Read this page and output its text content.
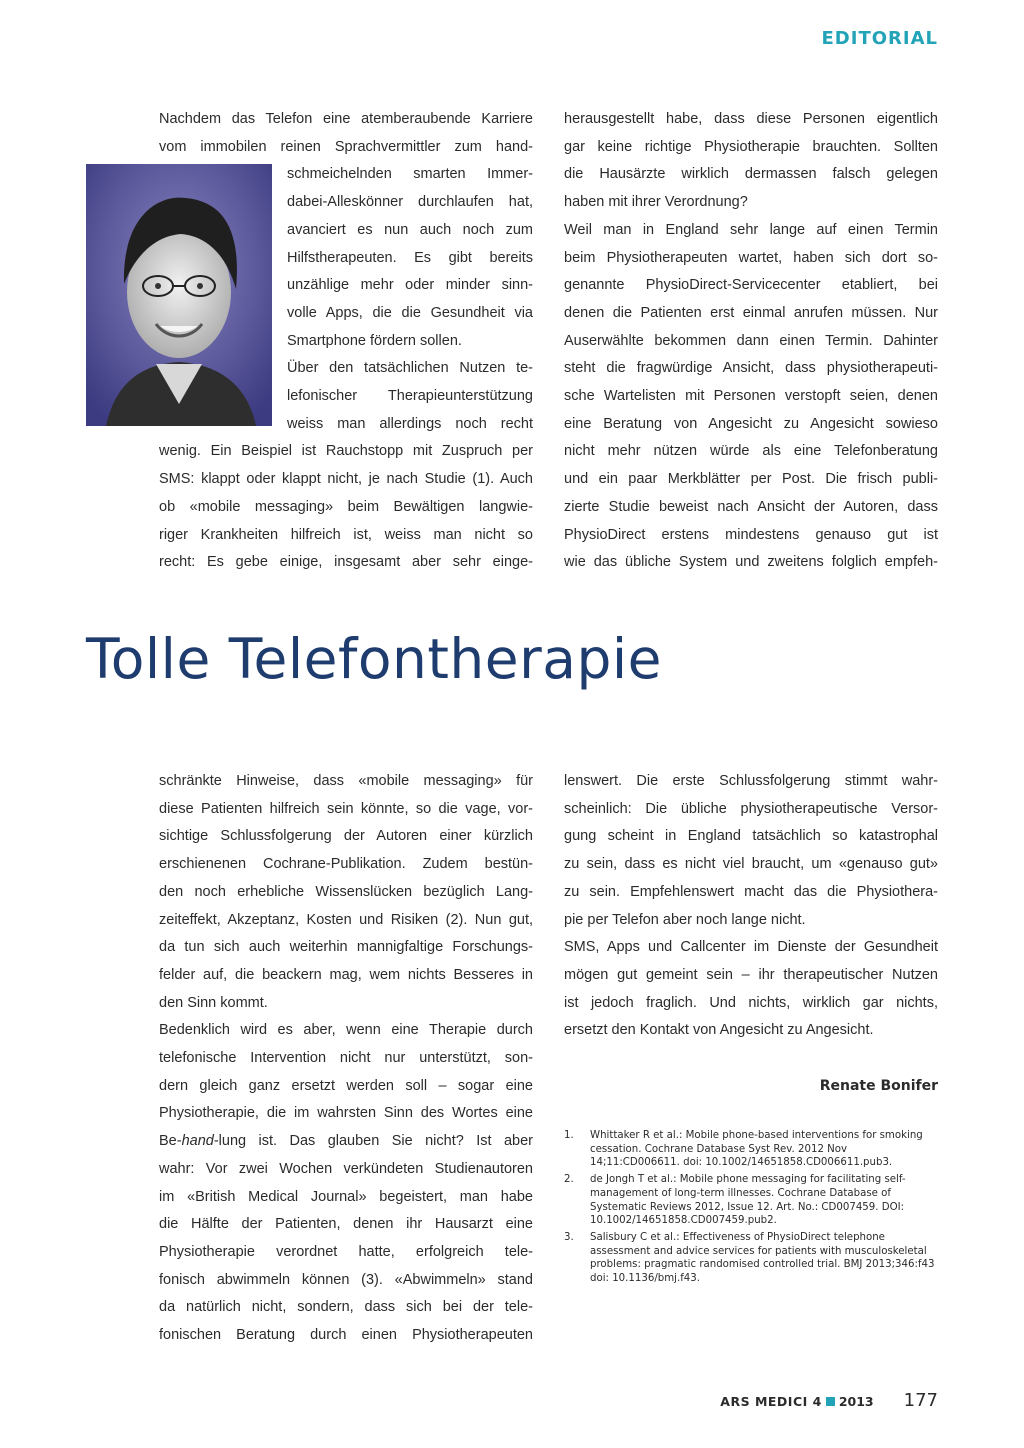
EDITORIAL
Nachdem das Telefon eine atemberaubende Karriere
vom immobilen reinen Sprachvermittler zum hand-
schmeichelnden smarten Immer-
dabei-Alleskönner durchlaufen hat,
avanciert es nun auch noch zum
Hilfstherapeuten. Es gibt bereits
unzählige mehr oder minder sinn-
volle Apps, die die Gesundheit via
Smartphone fördern sollen.
Über den tatsächlichen Nutzen te-
lefonischer Therapieunterstützung
weiss man allerdings noch recht
wenig. Ein Beispiel ist Rauchstopp mit Zuspruch per
SMS: klappt oder klappt nicht, je nach Studie (1). Auch
ob «mobile messaging» beim Bewältigen langwie-
riger Krankheiten hilfreich ist, weiss man nicht so
recht: Es gebe einige, insgesamt aber sehr einge-
herausgestellt habe, dass diese Personen eigentlich
gar keine richtige Physiotherapie brauchten. Sollten
die Hausärzte wirklich dermassen falsch gelegen
haben mit ihrer Verordnung?
Weil man in England sehr lange auf einen Termin
beim Physiotherapeuten wartet, haben sich dort so-
genannte PhysioDirect-Servicecenter etabliert, bei
denen die Patienten erst einmal anrufen müssen. Nur
Auserwählte bekommen dann einen Termin. Dahinter
steht die fragwürdige Ansicht, dass physiotherapeuti-
sche Wartelisten mit Personen verstopft seien, denen
eine Beratung von Angesicht zu Angesicht sowieso
nicht mehr nützen würde als eine Telefonberatung
und ein paar Merkblätter per Post. Die frisch publi-
zierte Studie beweist nach Ansicht der Autoren, dass
PhysioDirect erstens mindestens genauso gut ist
wie das übliche System und zweitens folglich empfeh-
Tolle Telefontherapie
schränkte Hinweise, dass «mobile messaging» für
diese Patienten hilfreich sein könnte, so die vage, vor-
sichtige Schlussfolgerung der Autoren einer kürzlich
erschienenen Cochrane-Publikation. Zudem bestün-
den noch erhebliche Wissenslücken bezüglich Lang-
zeiteffekt, Akzeptanz, Kosten und Risiken (2). Nun gut,
da tun sich auch weiterhin mannigfaltige Forschungs-
felder auf, die beackern mag, wem nichts Besseres in
den Sinn kommt.
Bedenklich wird es aber, wenn eine Therapie durch
telefonische Intervention nicht nur unterstützt, son-
dern gleich ganz ersetzt werden soll – sogar eine
Physiotherapie, die im wahrsten Sinn des Wortes eine
Be-hand-lung ist. Das glauben Sie nicht? Ist aber
wahr: Vor zwei Wochen verkündeten Studienautoren
im «British Medical Journal» begeistert, man habe
die Hälfte der Patienten, denen ihr Hausarzt eine
Physiotherapie verordnet hatte, erfolgreich tele-
fonisch abwimmeln können (3). «Abwimmeln» stand
da natürlich nicht, sondern, dass sich bei der tele-
fonischen Beratung durch einen Physiotherapeuten
lenswert. Die erste Schlussfolgerung stimmt wahr-
scheinlich: Die übliche physiotherapeutische Versor-
gung scheint in England tatsächlich so katastrophal
zu sein, dass es nicht viel braucht, um «genauso gut»
zu sein. Empfehlenswert macht das die Physiothera-
pie per Telefon aber noch lange nicht.
SMS, Apps und Callcenter im Dienste der Gesundheit
mögen gut gemeint sein – ihr therapeutischer Nutzen
ist jedoch fraglich. Und nichts, wirklich gar nichts,
ersetzt den Kontakt von Angesicht zu Angesicht.
Renate Bonifer
1. Whittaker R et al.: Mobile phone-based interventions for smoking cessation. Cochrane Database Syst Rev. 2012 Nov 14;11:CD006611. doi: 10.1002/14651858.CD006611.pub3.
2. de Jongh T et al.: Mobile phone messaging for facilitating self-management of long-term illnesses. Cochrane Database of Systematic Reviews 2012, Issue 12. Art. No.: CD007459. DOI: 10.1002/14651858.CD007459.pub2.
3. Salisbury C et al.: Effectiveness of PhysioDirect telephone assessment and advice services for patients with musculoskeletal problems: pragmatic randomised controlled trial. BMJ 2013;346:f43 doi: 10.1136/bmj.f43.
ARS MEDICI 4 2013 177
